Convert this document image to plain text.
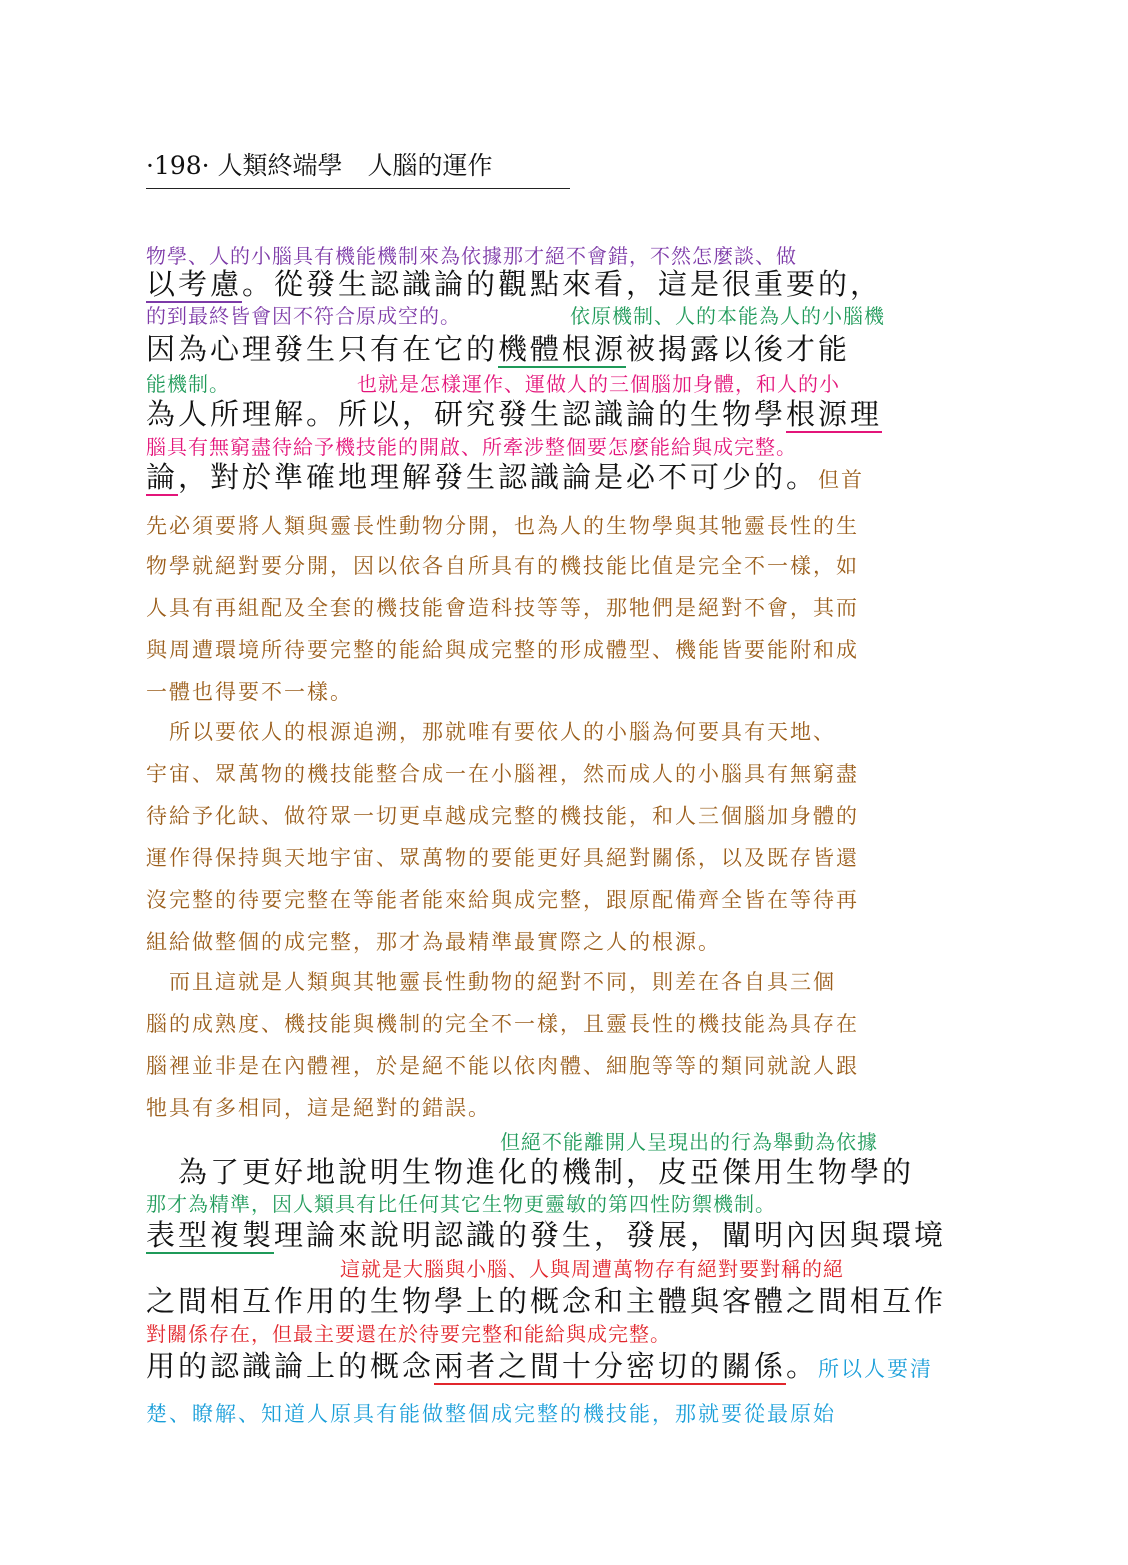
·198· 人類終端學　人腦的運作
物學、人的小腦具有機能機制來為依據那才絕不會錯，不然怎麼談、做
以考慮。從發生認識論的觀點來看，這是很重要的，
的到最終皆會因不符合原成空的。	依原機制、人的本能為人的小腦機
因為心理發生只有在它的機體根源被揭露以後才能
能機制。	也就是怎樣運作、運做人的三個腦加身體，和人的小
為人所理解。所以，研究發生認識論的生物學根源理
腦具有無窮盡待給予機技能的開啟、所牽涉整個要怎麼能給與成完整。
論，對於準確地理解發生認識論是必不可少的。但首
先必須要將人類與靈長性動物分開，也為人的生物學與其牠靈長性的生
物學就絕對要分開，因以依各自所具有的機技能比值是完全不一樣，如
人具有再組配及全套的機技能會造科技等等，那牠們是絕對不會，其而
與周遭環境所待要完整的能給與成完整的形成體型、機能皆要能附和成
一體也得要不一樣。
　所以要依人的根源追溯，那就唯有要依人的小腦為何要具有天地、
宇宙、眾萬物的機技能整合成一在小腦裡，然而成人的小腦具有無窮盡
待給予化缺、做符眾一切更卓越成完整的機技能，和人三個腦加身體的
運作得保持與天地宇宙、眾萬物的要能更好具絕對關係，以及既存皆還
沒完整的待要完整在等能者能來給與成完整，跟原配備齊全皆在等待再
組給做整個的成完整，那才為最精準最實際之人的根源。
　而且這就是人類與其牠靈長性動物的絕對不同，則差在各自具三個
腦的成熟度、機技能與機制的完全不一樣，且靈長性的機技能為具存在
腦裡並非是在內體裡，於是絕不能以依肉體、細胞等等的類同就說人跟
牠具有多相同，這是絕對的錯誤。
但絕不能離開人呈現出的行為舉動為依據
　為了更好地說明生物進化的機制，皮亞傑用生物學的
那才為精準，因人類具有比任何其它生物更靈敏的第四性防禦機制。
表型複製理論來說明認識的發生，發展，闡明內因與環境
這就是大腦與小腦、人與周遭萬物存有絕對要對稱的絕
之間相互作用的生物學上的概念和主體與客體之間相互作
對關係存在，但最主要還在於待要完整和能給與成完整。
用的認識論上的概念兩者之間十分密切的關係。所以人要清
楚、瞭解、知道人原具有能做整個成完整的機技能，那就要從最原始
